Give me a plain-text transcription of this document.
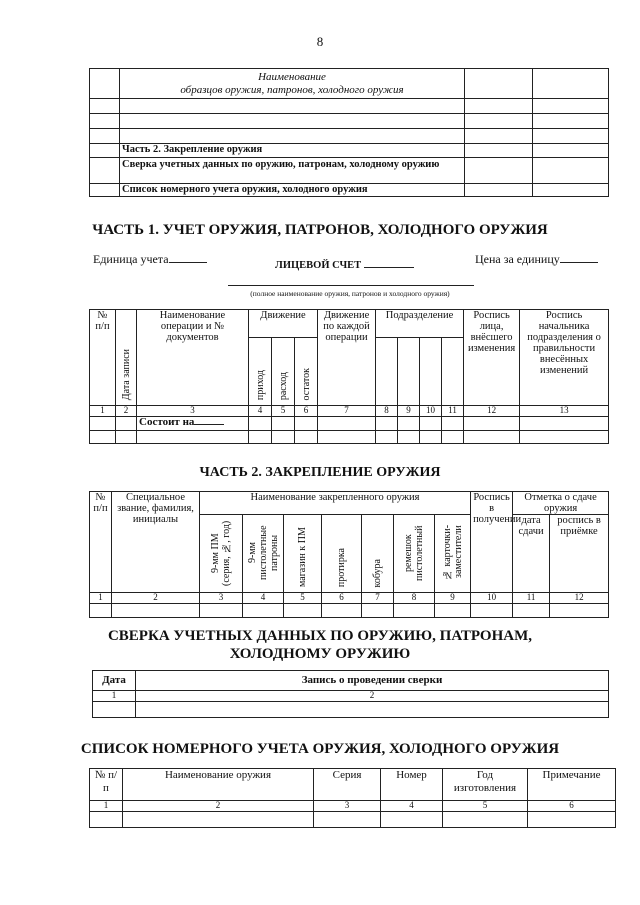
8
	Наименование
образцов оружия, патронов, холодного оружия		

	Часть 2. Закрепление оружия		
	Сверка учетных данных по оружию, патронам, холодному оружию		
	Список номерного учета оружия, холодного оружия		
ЧАСТЬ 1. УЧЕТ ОРУЖИЯ, ПАТРОНОВ, ХОЛОДНОГО ОРУЖИЯ
Единица учета	Цена за единицу
ЛИЦЕВОЙ СЧЕТ
(полное наименование оружия, патронов и холодного оружия)
№ п/п	Дата записи	Наименование операции и № документов	Движение			Движение по каждой операции	Подразделение				Роспись лица, внёсшего изменения	Роспись начальника подразделения о правильности внесённых изменений
			приход	расход	остаток							
1	2	3	4	5	6	7	8	9	10	11	12	13
		Состоит на										

ЧАСТЬ 2. ЗАКРЕПЛЕНИЕ ОРУЖИЯ
№ п/п	Специальное звание, фамилия, инициалы	Наименование закрепленного оружия							Роспись в получении	Отметка о сдаче оружия	
		9-мм ПМ (серия, №, год)	9-мм пистолетные патроны	магазин к ПМ	протирка	кобура	ремешок пистолетный	№ карточки-заместители		дата сдачи	роспись в приёмке
1	2	3	4	5	6	7	8	9	10	11	12

СВЕРКА УЧЕТНЫХ ДАННЫХ ПО ОРУЖИЮ, ПАТРОНАМ,
ХОЛОДНОМУ ОРУЖИЮ
Дата	Запись о проведении сверки
1	2

СПИСОК НОМЕРНОГО УЧЕТА ОРУЖИЯ, ХОЛОДНОГО ОРУЖИЯ
№ п/п	Наименование оружия	Серия	Номер	Год изготовления	Примечание
1	2	3	4	5	6
